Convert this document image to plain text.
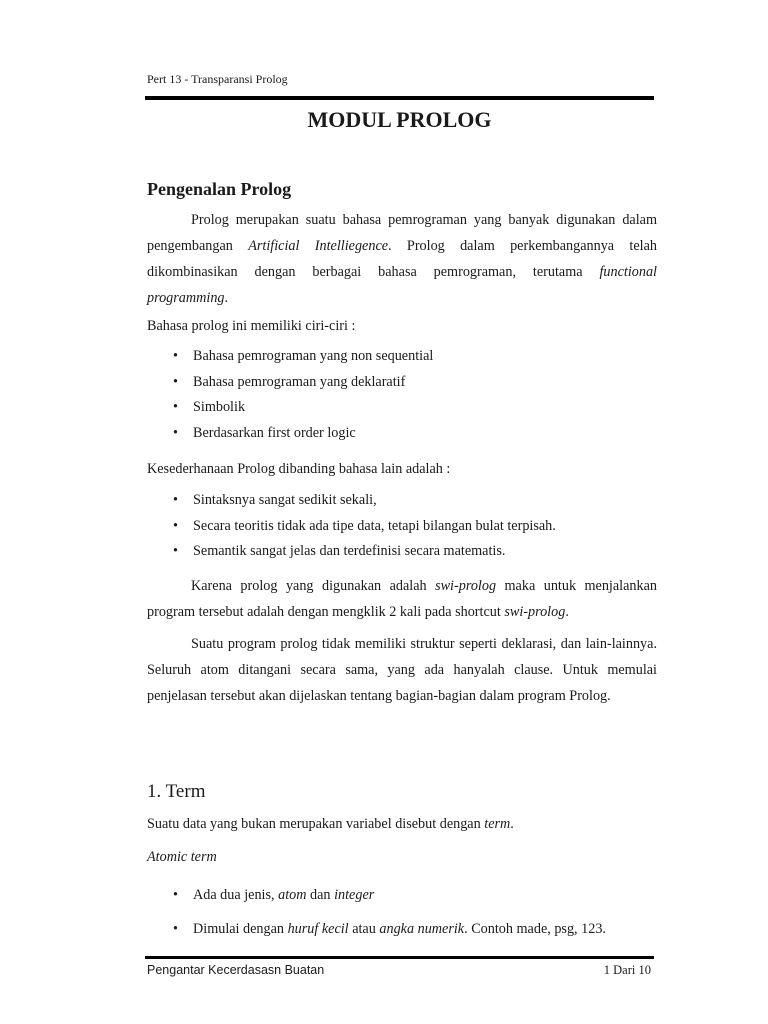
Pert 13 - Transparansi Prolog
MODUL PROLOG
Pengenalan Prolog
Prolog merupakan suatu bahasa pemrograman yang banyak digunakan dalam pengembangan Artificial Intelliegence. Prolog dalam perkembangannya telah dikombinasikan dengan berbagai bahasa pemrograman, terutama functional programming.
Bahasa prolog ini memiliki ciri-ciri :
• Bahasa pemrograman yang non sequential
• Bahasa pemrograman yang deklaratif
• Simbolik
• Berdasarkan first order logic
Kesederhanaan Prolog dibanding bahasa lain adalah :
• Sintaksnya sangat sedikit sekali,
• Secara teoritis tidak ada tipe data, tetapi bilangan bulat terpisah.
• Semantik sangat jelas dan terdefinisi secara matematis.
Karena prolog yang digunakan adalah swi-prolog maka untuk menjalankan program tersebut adalah dengan mengklik 2 kali pada shortcut swi-prolog.
Suatu program prolog tidak memiliki struktur seperti deklarasi, dan lain-lainnya. Seluruh atom ditangani secara sama, yang ada hanyalah clause. Untuk memulai penjelasan tersebut akan dijelaskan tentang bagian-bagian dalam program Prolog.
1. Term
Suatu data yang bukan merupakan variabel disebut dengan term.
Atomic term
• Ada dua jenis, atom dan integer
• Dimulai dengan huruf kecil atau angka numerik. Contoh made, psg, 123.
Pengantar Kecerdasasn Buatan	1 Dari 10
